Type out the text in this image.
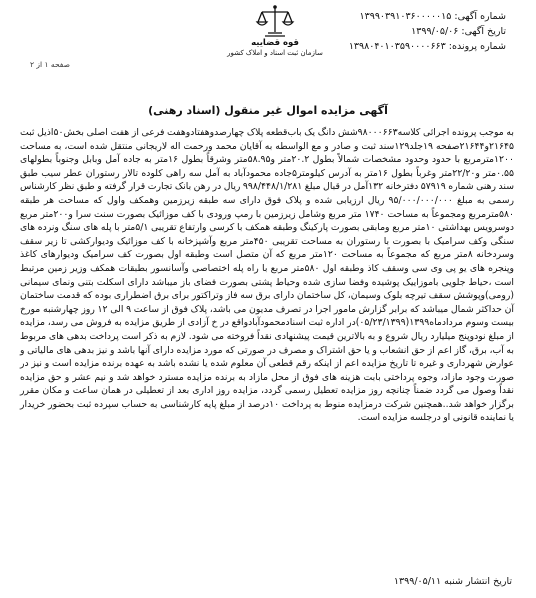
شماره آگهی: ۱۳۹۹۰۳۹۱۰۳۶۰۰۰۰۰۱۵
تاریخ آگهی: ۱۳۹۹/۰۵/۰۶
شماره پرونده: ۱۳۹۸۰۴۰۱۰۳۵۹۰۰۰۰۶۶۳
قوه قضاییه
سازمان ثبت اسناد و املاک کشور
صفحه ۱ از ۲
آگهی مزایده اموال غیر منقول (اسناد رهنی)
به موجب پرونده اجرائی کلاسه۹۸۰۰۰۶۶۳شش دانگ یک باب‌قطعه پلاک چهارصدوهفتادوهفت فرعی از هفت اصلی بخش۵۰اذیل ثبت ۲۱۶۴۵و۲۱۶۴۴صفحه ۱۹جلد۱۲۹سند ثبت و صادر و مع الواسطه به آقایان محمد ورحمت اله لاریجانی منتقل شده است، به مساحت ۱۲۰۰مترمربع با حدود وحدود مشخصات شمالاً بطول ۲۰.۲متر و۵۸.۹۵متر وشرقاً بطول ۱۶متر به جاده آمل وبابل وجنوباً بطولهای ۰.۵۵متر و۲۲/۲۰متر وغرباً بطول ۱۶متر به آدرس کیلومتر۵جاده محمودآباد به آمل سه راهی کلوده تالار رستوران عطر سیب طبق سند رهنی شماره ۵۷۹۱۹ دفترخانه ۱۳۲آمل در قبال مبلغ ۹۹۸/۴۴۸/۱/۲۸۱ ریال در رهن بانک تجارت قرار گرفته و طبق نظر کارشناس رسمی به مبلغ ۹۵/۰۰۰/۰۰۰/۰۰۰ ریال ارزیابی شده و پلاک فوق دارای سه طبقه زیرزمین وهمکف واول که مساحت هر طبقه ۵۸۰مترمربع ومجموعاً به مساحت ۱۷۴۰ متر مربع وشامل زیرزمین با رمپ ورودی با کف موزائیک بصورت سنت سرا و۲۰۰متر مربع دوسرویس بهداشتی ۱۰متر مربع ومابقی بصورت پارکینگ وطبقه همکف با کرسی وارتفاع تقریبی ۵/۱متر با پله های سنگ ونرده های سنگی وکف سرامیک با بصورت با رستوران به مساحت تقریبی ۴۵۰متر مربع وآشپزخانه با کف موزائیک ودیوارکشی تا زیر سقف وسردخانه ۸متر مربع که مجموعاً به مساحت ۱۲۰متر مربع که آن متصل است وطبقه اول بصورت کف سرامیک ودیوارهای کاغذ وپنجره های یو پی وی سی وسقف کاذ وطبقه اول ۵۸۰متر مربع با راه پله اختصاصی وآسانسور بطبقات همکف وزیر زمین مرتبط است ،حیاط جلویی باموزاییک پوشیده وفضا سازی شده وحیاط پشتی بصورت فضای باز میباشد دارای اسکلت بتنی ونمای سیمانی (رومی)وپوشش سقف تیرچه بلوک وسیمان، کل ساختمان دارای برق سه فاز وتراکتور برای برق اضطراری بوده که قدمت ساختمان آن حداکثر شمال میباشد که برابر گزارش مامور اجرا در تصرف مدیون می باشد، پلاک فوق از ساعت ۹ الی ۱۲ روز چهارشنبه مورخ بیست وسوم مردادماه۱۳۹۹(۰۵/۲۳/۱۳۹۹)در اداره ثبت اسنادمحمودآبادواقع در خ آزادی از طریق مزایده به فروش می رسد، مزایده از مبلغ نودوپنج میلیارد ریال شروع و به بالاترین قیمت پیشنهادی نقداً فروخته می شود. لازم به ذکر است پرداخت بدهی های مربوط به آب، برق، گاز اعم از حق انشعاب و یا حق اشتراک و مصرف در صورتی که مورد مزایده دارای آنها باشد و نیز بدهی های مالیاتی و عوارض شهرداری و غیره تا تاریخ مزایده اعم از اینکه رقم قطعی آن معلوم شده یا نشده باشد به عهده برنده مزایده است و نیز در صورت وجود مازاد، وجوه پرداختی بابت هزینه های فوق از محل مازاد به برنده مزایده مسترد خواهد شد و نیم عشر و حق مزایده نقداً وصول می گردد ضمناً چنانچه روز مزایده تعطیل رسمی گردد، مزایده روز اداری بعد از تعطیلی در همان ساعت و مکان مقرر برگزار خواهد شد..همچنین شرکت درمزایده منوط به پرداخت ۱۰درصد از مبلغ پایه کارشناسی به حساب سپرده ثبت بحضور خریدار یا نماینده قانونی او درجلسه مزایده است.
تاریخ انتشار شنبه ۱۳۹۹/۰۵/۱۱
